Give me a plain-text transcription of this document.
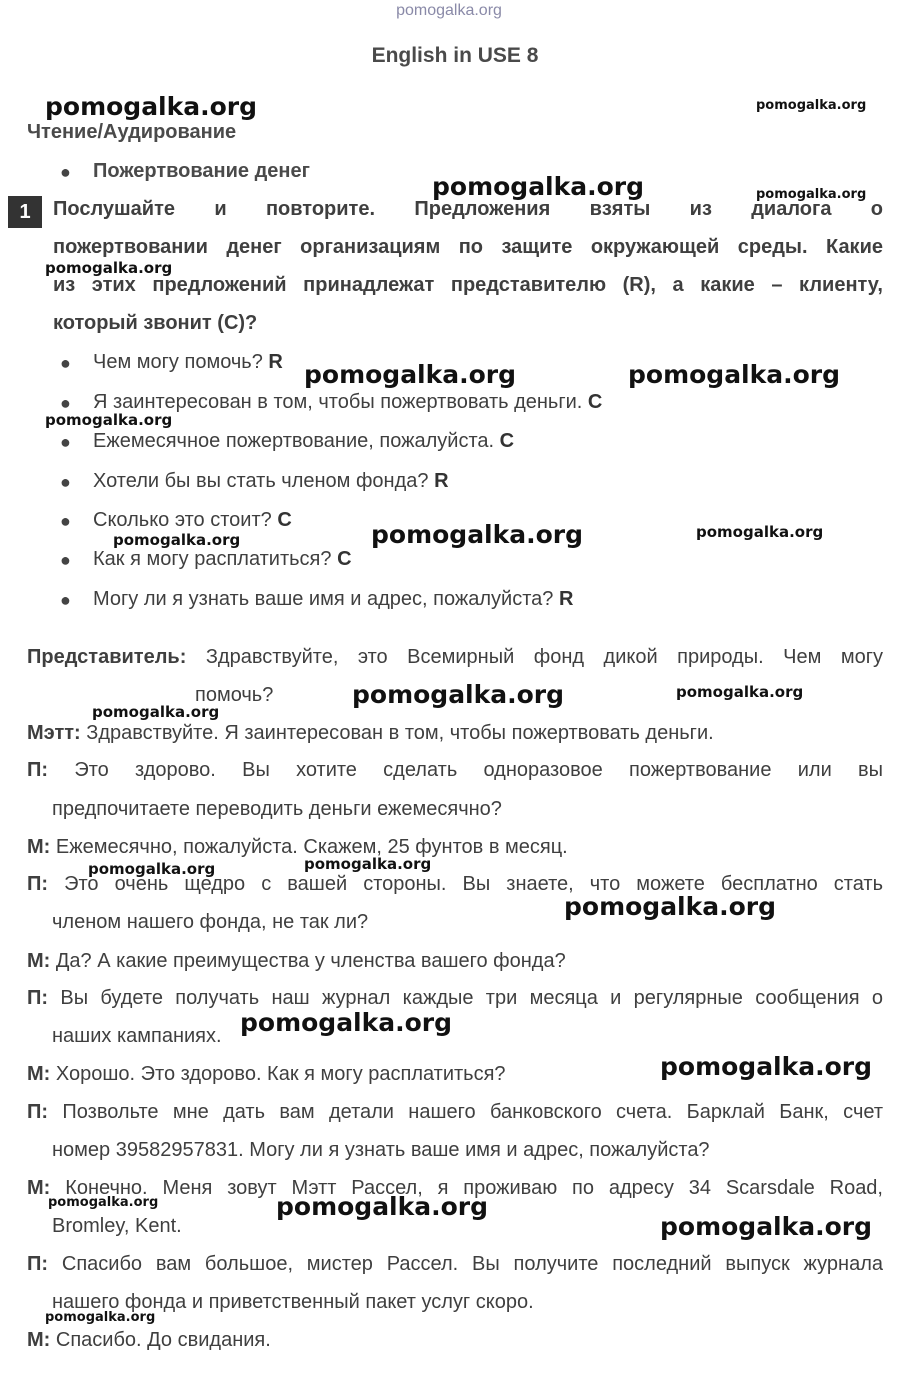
pomogalka.org
English in USE 8
Чтение/Аудирование
● Пожертвование денег
1	Послушайте и повторите. Предложения взяты из диалога о
пожертвовании денег организациям по защите окружающей среды. Какие
из этих предложений принадлежат представителю (R), а какие – клиенту,
который звонит (С)?
● Чем могу помочь? R
● Я заинтересован в том, чтобы пожертвовать деньги. C
● Ежемесячное пожертвование, пожалуйста. C
● Хотели бы вы стать членом фонда? R
● Сколько это стоит? C
● Как я могу расплатиться? C
● Могу ли я узнать ваше имя и адрес, пожалуйста? R
Представитель: Здравствуйте, это Всемирный фонд дикой природы. Чем могу
помочь?
Мэтт: Здравствуйте. Я заинтересован в том, чтобы пожертвовать деньги.
П: Это здорово. Вы хотите сделать одноразовое пожертвование или вы
предпочитаете переводить деньги ежемесячно?
М: Ежемесячно, пожалуйста. Скажем, 25 фунтов в месяц.
П: Это очень щедро с вашей стороны. Вы знаете, что можете бесплатно стать
членом нашего фонда, не так ли?
М: Да? А какие преимущества у членства вашего фонда?
П: Вы будете получать наш журнал каждые три месяца и регулярные сообщения о
наших кампаниях.
М: Хорошо. Это здорово. Как я могу расплатиться?
П: Позвольте мне дать вам детали нашего банковского счета. Барклай Банк, счет
номер 39582957831. Могу ли я узнать ваше имя и адрес, пожалуйста?
М: Конечно. Меня зовут Мэтт Рассел, я проживаю по адресу 34 Scarsdale Road,
Bromley, Kent.
П: Спасибо вам большое, мистер Рассел. Вы получите последний выпуск журнала
нашего фонда и приветственный пакет услуг скоро.
М: Спасибо. До свидания.
pomogalka.org	pomogalka.org
pomogalka.org	pomogalka.org
pomogalka.org
pomogalka.org	pomogalka.org
pomogalka.org
pomogalka.org	pomogalka.org	pomogalka.org
pomogalka.org	pomogalka.org
pomogalka.org
pomogalka.org	pomogalka.org
pomogalka.org
pomogalka.org
pomogalka.org
pomogalka.org	pomogalka.org
pomogalka.org
pomogalka.org
